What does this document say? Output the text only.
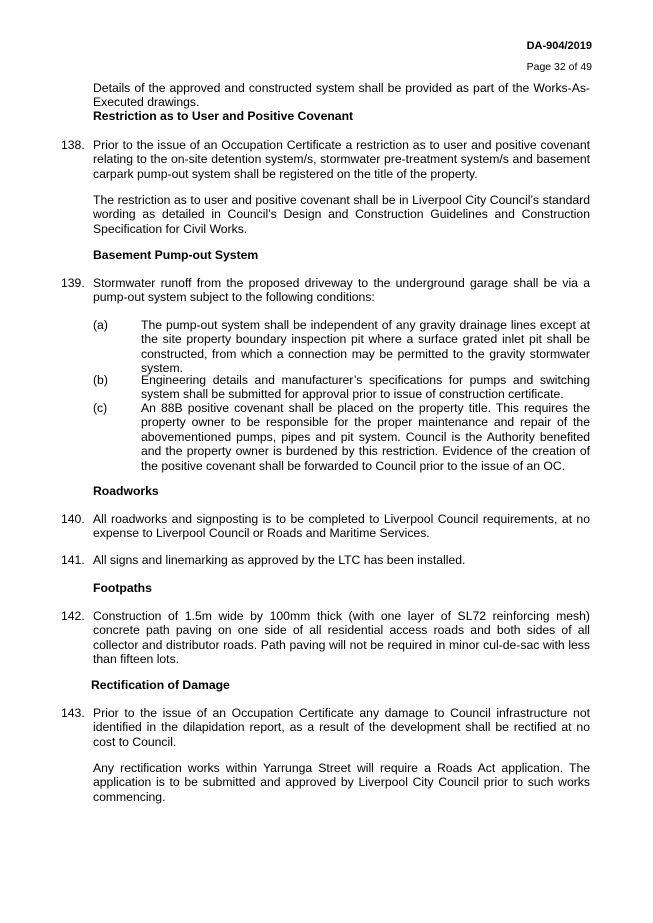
DA-904/2019
Page 32 of 49

Details of the approved and constructed system shall be provided as part of the Works-As-Executed drawings.

Restriction as to User and Positive Covenant

138. Prior to the issue of an Occupation Certificate a restriction as to user and positive covenant relating to the on-site detention system/s, stormwater pre-treatment system/s and basement carpark pump-out system shall be registered on the title of the property.

The restriction as to user and positive covenant shall be in Liverpool City Council’s standard wording as detailed in Council’s Design and Construction Guidelines and Construction Specification for Civil Works.

Basement Pump-out System

139. Stormwater runoff from the proposed driveway to the underground garage shall be via a pump-out system subject to the following conditions:

(a)	The pump-out system shall be independent of any gravity drainage lines except at the site property boundary inspection pit where a surface grated inlet pit shall be constructed, from which a connection may be permitted to the gravity stormwater system.

(b)	Engineering details and manufacturer’s specifications for pumps and switching system shall be submitted for approval prior to issue of construction certificate.

(c)	An 88B positive covenant shall be placed on the property title. This requires the property owner to be responsible for the proper maintenance and repair of the abovementioned pumps, pipes and pit system. Council is the Authority benefited and the property owner is burdened by this restriction. Evidence of the creation of the positive covenant shall be forwarded to Council prior to the issue of an OC.

Roadworks

140. All roadworks and signposting is to be completed to Liverpool Council requirements, at no expense to Liverpool Council or Roads and Maritime Services.

141. All signs and linemarking as approved by the LTC has been installed.

Footpaths

142. Construction of 1.5m wide by 100mm thick (with one layer of SL72 reinforcing mesh) concrete path paving on one side of all residential access roads and both sides of all collector and distributor roads. Path paving will not be required in minor cul-de-sac with less than fifteen lots.

Rectification of Damage

143. Prior to the issue of an Occupation Certificate any damage to Council infrastructure not identified in the dilapidation report, as a result of the development shall be rectified at no cost to Council.

Any rectification works within Yarrunga Street will require a Roads Act application. The application is to be submitted and approved by Liverpool City Council prior to such works commencing.
